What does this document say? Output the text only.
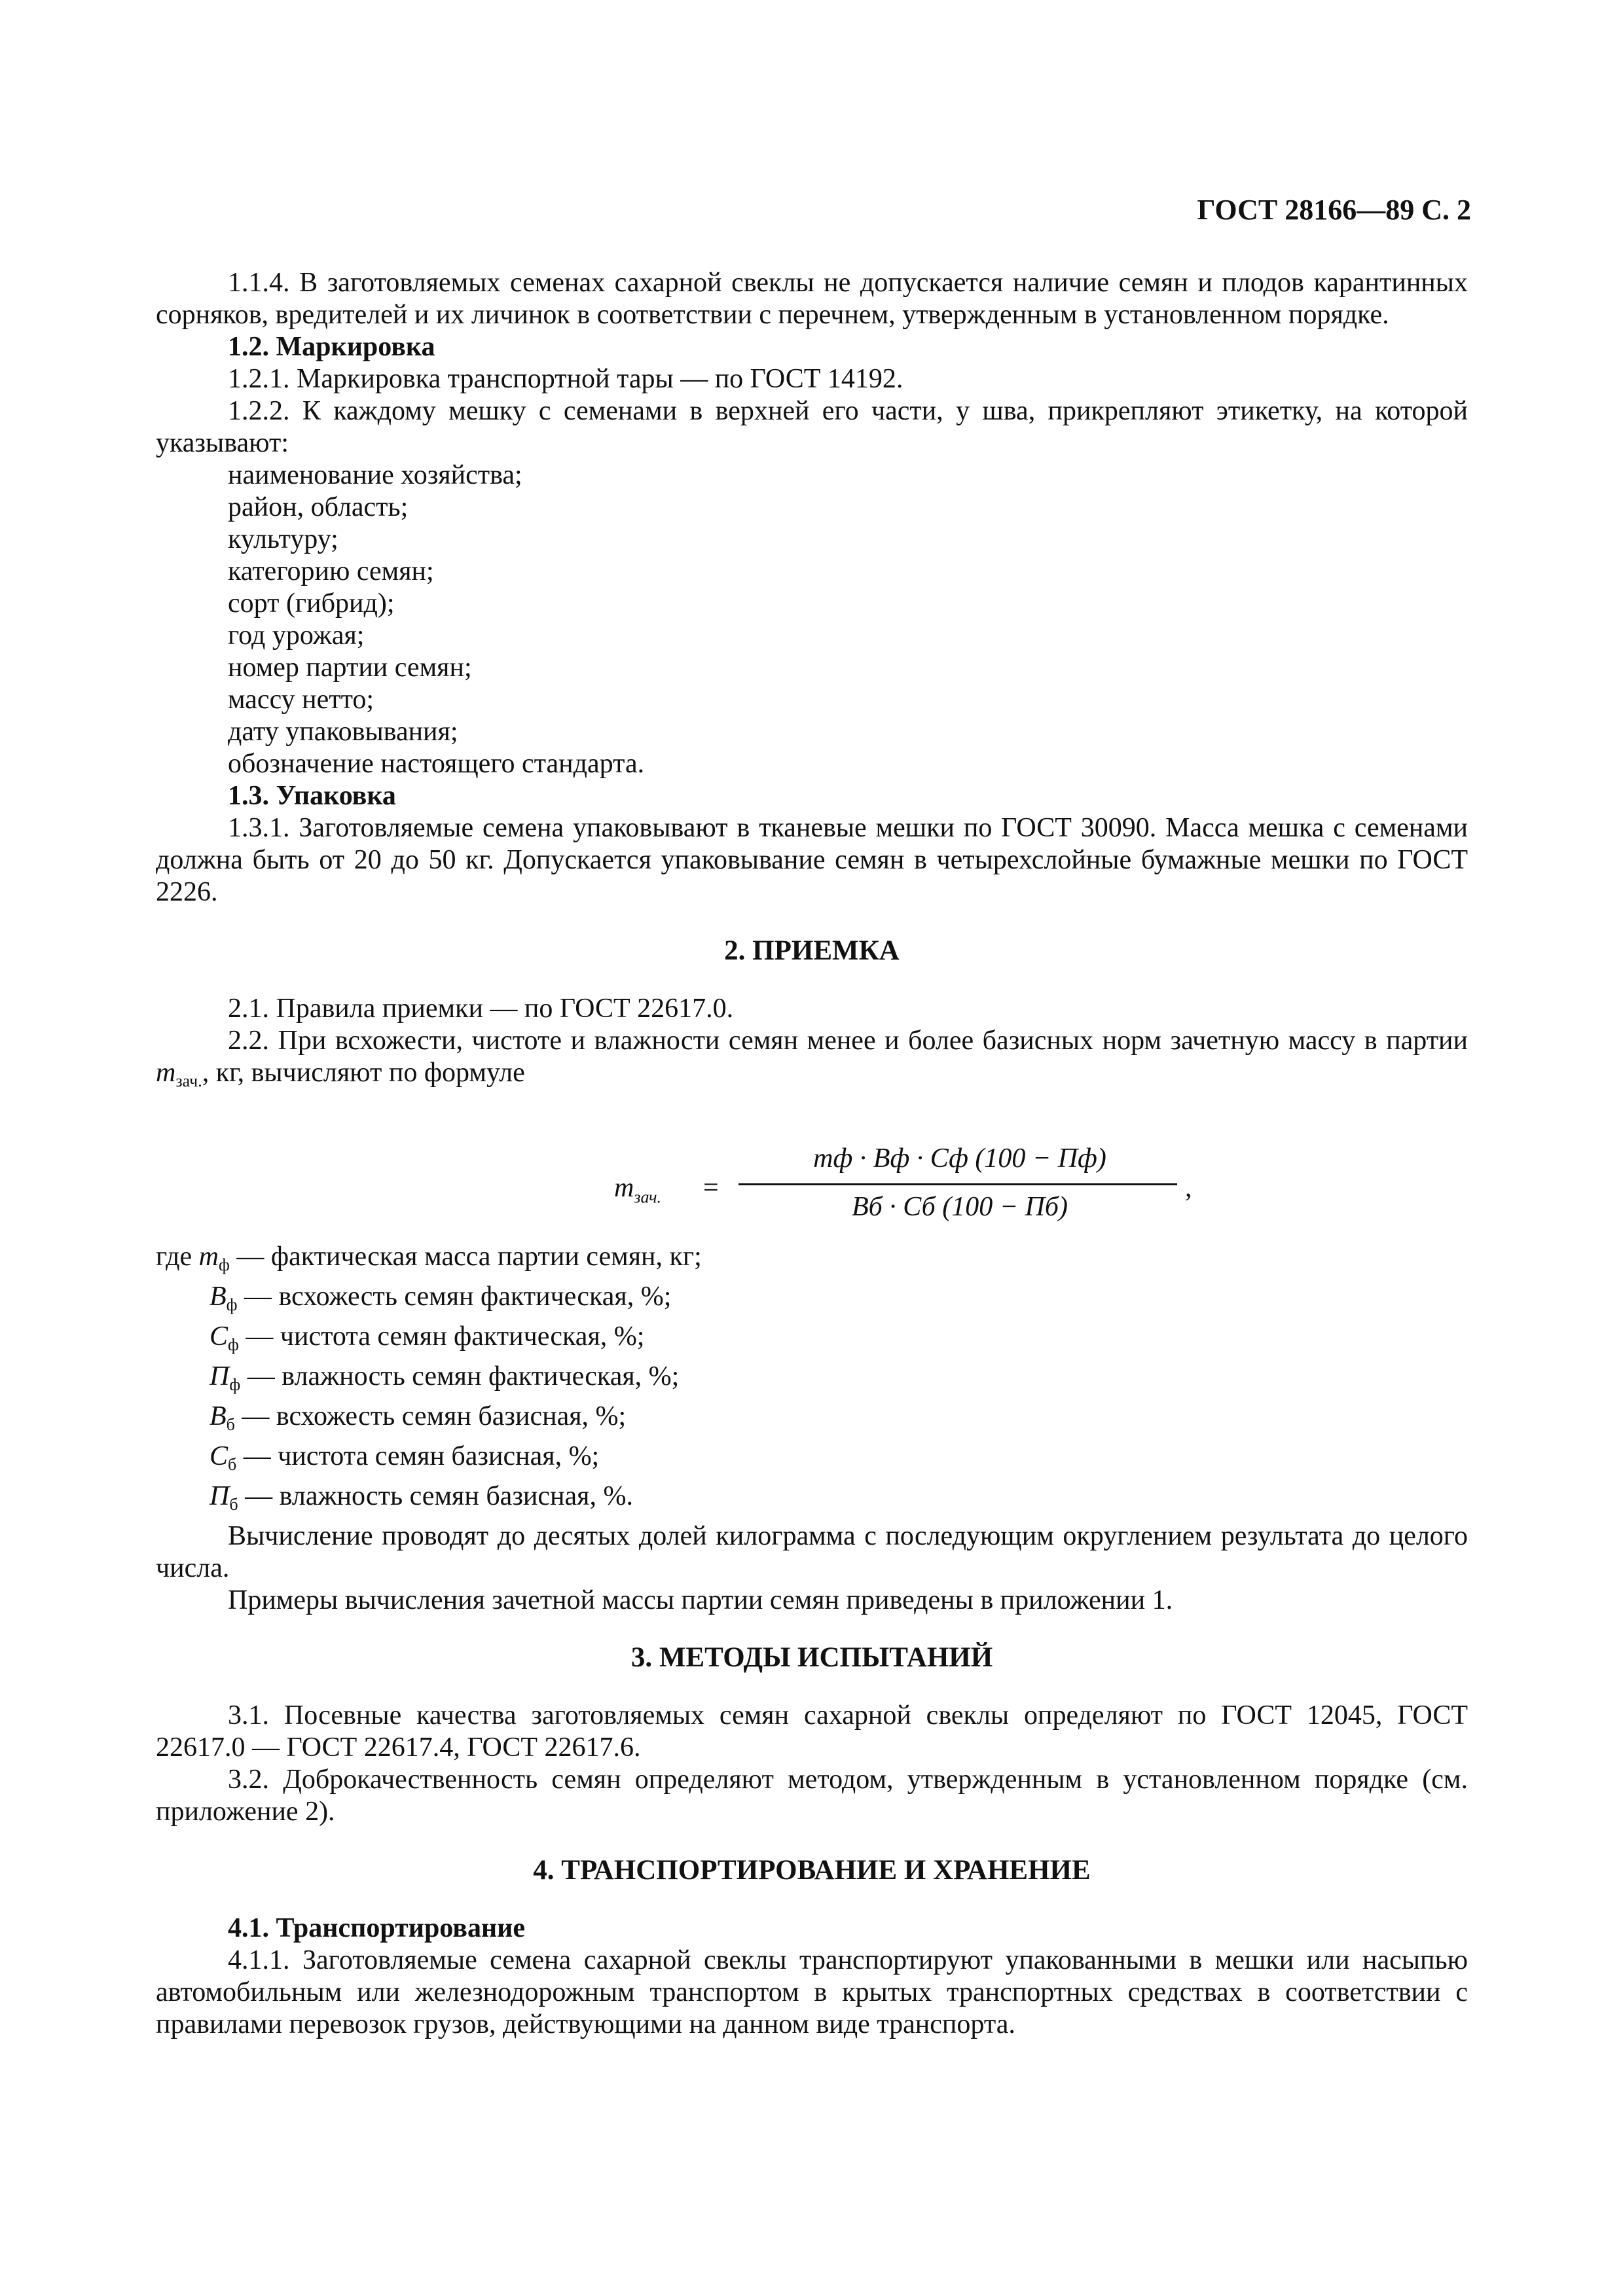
ГОСТ 28166—89 С. 2

1.1.4. В заготовляемых семенах сахарной свеклы не допускается наличие семян и плодов карантинных сорняков, вредителей и их личинок в соответствии с перечнем, утвержденным в установленном порядке.

1.2. Маркировка

1.2.1. Маркировка транспортной тары — по ГОСТ 14192.

1.2.2. К каждому мешку с семенами в верхней его части, у шва, прикрепляют этикетку, на которой указывают:

наименование хозяйства;

район, область;

культуру;

категорию семян;

сорт (гибрид);

год урожая;

номер партии семян;

массу нетто;

дату упаковывания;

обозначение настоящего стандарта.

1.3. Упаковка

1.3.1. Заготовляемые семена упаковывают в тканевые мешки по ГОСТ 30090. Масса мешка с семенами должна быть от 20 до 50 кг. Допускается упаковывание семян в четырехслойные бумажные мешки по ГОСТ 2226.

2. ПРИЕМКА

2.1. Правила приемки — по ГОСТ 22617.0.

2.2. При всхожести, чистоте и влажности семян менее и более базисных норм зачетную массу в партии mзач., кг, вычисляют по формуле

$m_{зач.}$ =
mф · Вф · Сф (100 − Пф)
Вб · Сб (100 − Пб)
,

где mф — фактическая масса партии семян, кг;

Вф — всхожесть семян фактическая, %;

Сф — чистота семян фактическая, %;

Пф — влажность семян фактическая, %;

Вб — всхожесть семян базисная, %;

Сб — чистота семян базисная, %;

Пб — влажность семян базисная, %.

Вычисление проводят до десятых долей килограмма с последующим округлением результата до целого числа.

Примеры вычисления зачетной массы партии семян приведены в приложении 1.

3. МЕТОДЫ ИСПЫТАНИЙ

3.1. Посевные качества заготовляемых семян сахарной свеклы определяют по ГОСТ 12045, ГОСТ 22617.0 — ГОСТ 22617.4, ГОСТ 22617.6.

3.2. Доброкачественность семян определяют методом, утвержденным в установленном порядке (см. приложение 2).

4. ТРАНСПОРТИРОВАНИЕ И ХРАНЕНИЕ

4.1. Транспортирование

4.1.1. Заготовляемые семена сахарной свеклы транспортируют упакованными в мешки или насыпью автомобильным или железнодорожным транспортом в крытых транспортных средствах в соответствии с правилами перевозок грузов, действующими на данном виде транспорта.
